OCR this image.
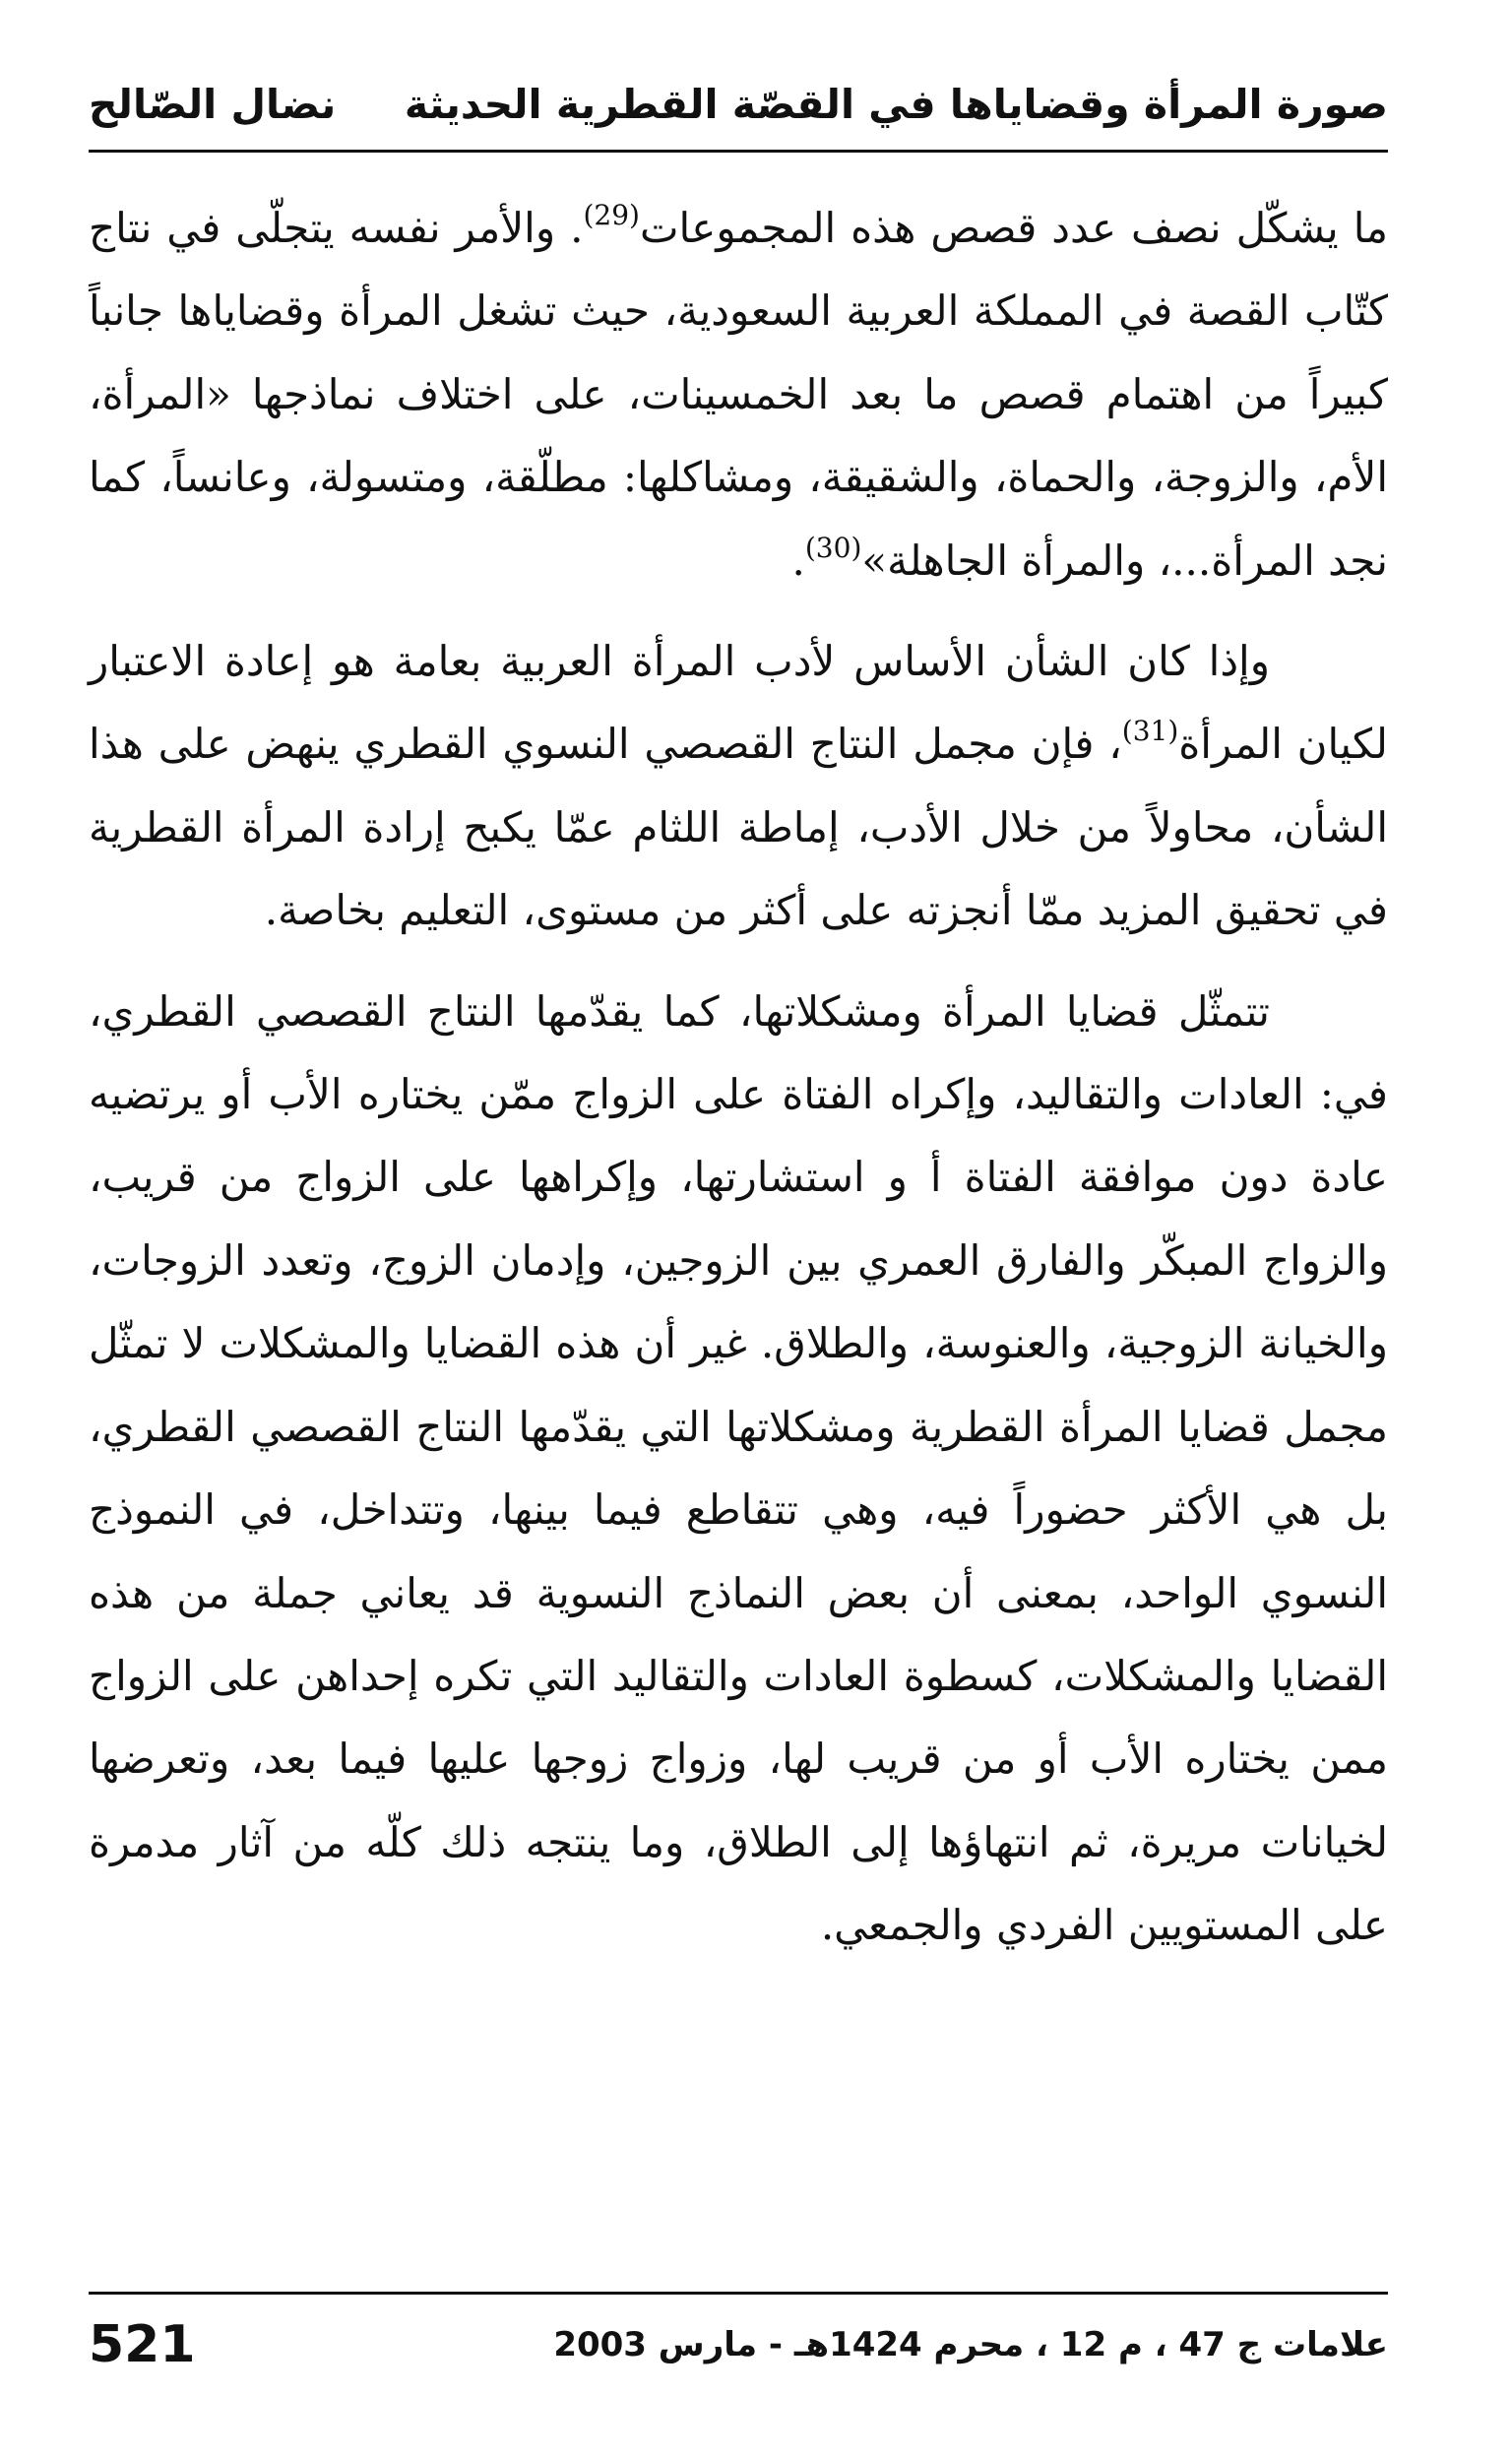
صورة المرأة وقضاياها في القصّة القطرية الحديثة
نضال الصّالح

ما يشكّل نصف عدد قصص هذه المجموعات$^{(29)}$. والأمر نفسه يتجلّى في نتاج كتّاب القصة في المملكة العربية السعودية، حيث تشغل المرأة وقضاياها جانباً كبيراً من اهتمام قصص ما بعد الخمسينات، على اختلاف نماذجها «المرأة، الأم، والزوجة، والحماة، والشقيقة، ومشاكلها: مطلّقة، ومتسولة، وعانساً، كما نجد المرأة...، والمرأة الجاهلة»$^{(30)}$.

وإذا كان الشأن الأساس لأدب المرأة العربية بعامة هو إعادة الاعتبار لكيان المرأة$^{(31)}$، فإن مجمل النتاج القصصي النسوي القطري ينهض على هذا الشأن، محاولاً من خلال الأدب، إماطة اللثام عمّا يكبح إرادة المرأة القطرية في تحقيق المزيد ممّا أنجزته على أكثر من مستوى، التعليم بخاصة.

تتمثّل قضايا المرأة ومشكلاتها، كما يقدّمها النتاج القصصي القطري، في: العادات والتقاليد، وإكراه الفتاة على الزواج ممّن يختاره الأب أو يرتضيه عادة دون موافقة الفتاة أ و استشارتها، وإكراهها على الزواج من قريب، والزواج المبكّر والفارق العمري بين الزوجين، وإدمان الزوج، وتعدد الزوجات، والخيانة الزوجية، والعنوسة، والطلاق. غير أن هذه القضايا والمشكلات لا تمثّل مجمل قضايا المرأة القطرية ومشكلاتها التي يقدّمها النتاج القصصي القطري، بل هي الأكثر حضوراً فيه، وهي تتقاطع فيما بينها، وتتداخل، في النموذج النسوي الواحد، بمعنى أن بعض النماذج النسوية قد يعاني جملة من هذه القضايا والمشكلات، كسطوة العادات والتقاليد التي تكره إحداهن على الزواج ممن يختاره الأب أو من قريب لها، وزواج زوجها عليها فيما بعد، وتعرضها لخيانات مريرة، ثم انتهاؤها إلى الطلاق، وما ينتجه ذلك كلّه من آثار مدمرة على المستويين الفردي والجمعي.

521	علامات ج 47 ، م 12 ، محرم 1424هـ - مارس 2003
